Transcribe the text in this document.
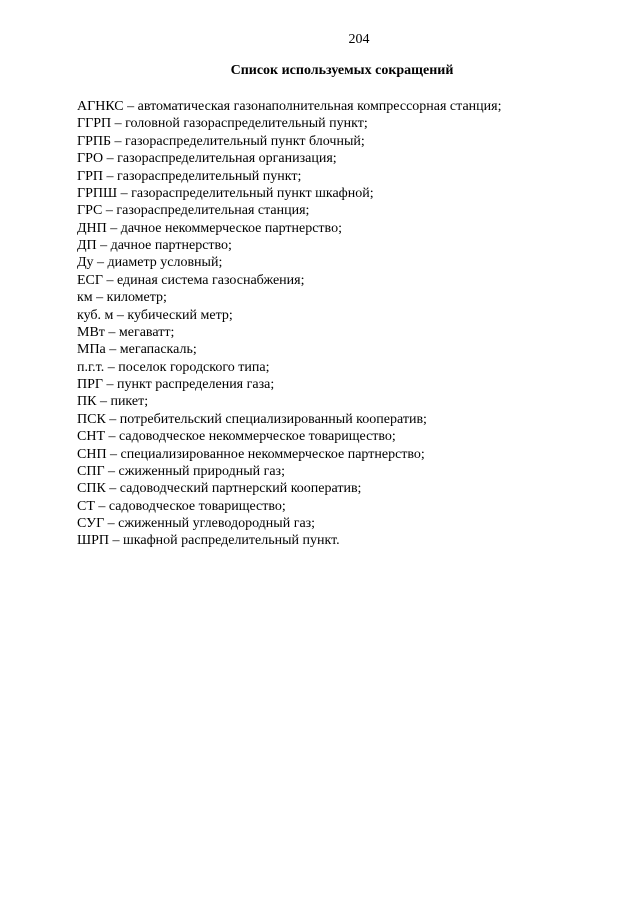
204
Список используемых сокращений
АГНКС – автоматическая газонаполнительная компрессорная станция;
ГГРП – головной газораспределительный пункт;
ГРПБ – газораспределительный пункт блочный;
ГРО – газораспределительная организация;
ГРП – газораспределительный пункт;
ГРПШ – газораспределительный пункт шкафной;
ГРС – газораспределительная станция;
ДНП – дачное некоммерческое партнерство;
ДП – дачное партнерство;
Ду – диаметр условный;
ЕСГ – единая система газоснабжения;
км – километр;
куб. м – кубический метр;
МВт – мегаватт;
МПа – мегапаскаль;
п.г.т. – поселок городского типа;
ПРГ – пункт распределения газа;
ПК – пикет;
ПСК – потребительский специализированный кооператив;
СНТ – садоводческое некоммерческое товарищество;
СНП – специализированное некоммерческое партнерство;
СПГ – сжиженный природный газ;
СПК – садоводческий партнерский кооператив;
СТ – садоводческое товарищество;
СУГ – сжиженный углеводородный газ;
ШРП – шкафной распределительный пункт.
